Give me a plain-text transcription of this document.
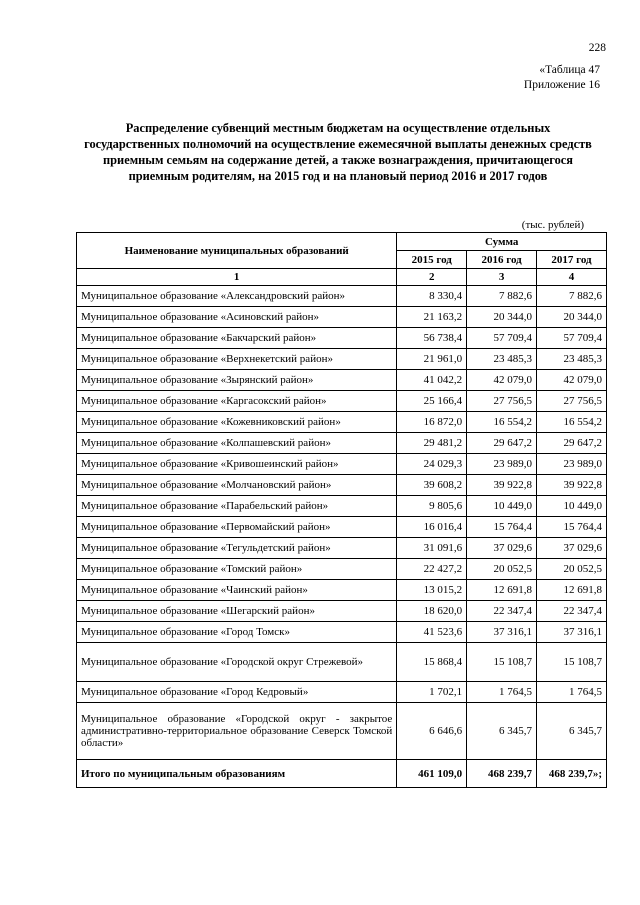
228
«Таблица 47
Приложение 16
Распределение субвенций местным бюджетам на осуществление отдельных государственных полномочий на осуществление ежемесячной выплаты денежных средств приемным семьям на содержание детей, а также вознаграждения, причитающегося приемным родителям, на 2015 год и на плановый период 2016 и 2017 годов
(тыс. рублей)
Наименование муниципальных образований	Сумма		
	2015 год	2016 год	2017 год
1	2	3	4
Муниципальное образование «Александровский район»	8 330,4	7 882,6	7 882,6
Муниципальное образование «Асиновский район»	21 163,2	20 344,0	20 344,0
Муниципальное образование «Бакчарский район»	56 738,4	57 709,4	57 709,4
Муниципальное образование «Верхнекетский район»	21 961,0	23 485,3	23 485,3
Муниципальное образование «Зырянский район»	41 042,2	42 079,0	42 079,0
Муниципальное образование «Каргасокский район»	25 166,4	27 756,5	27 756,5
Муниципальное образование «Кожевниковский район»	16 872,0	16 554,2	16 554,2
Муниципальное образование «Колпашевский район»	29 481,2	29 647,2	29 647,2
Муниципальное образование «Кривошеинский район»	24 029,3	23 989,0	23 989,0
Муниципальное образование «Молчановский район»	39 608,2	39 922,8	39 922,8
Муниципальное образование «Парабельский район»	9 805,6	10 449,0	10 449,0
Муниципальное образование «Первомайский район»	16 016,4	15 764,4	15 764,4
Муниципальное образование «Тегульдетский район»	31 091,6	37 029,6	37 029,6
Муниципальное образование «Томский район»	22 427,2	20 052,5	20 052,5
Муниципальное образование «Чаинский район»	13 015,2	12 691,8	12 691,8
Муниципальное образование «Шегарский район»	18 620,0	22 347,4	22 347,4
Муниципальное образование «Город Томск»	41 523,6	37 316,1	37 316,1
Муниципальное образование «Городской округ Стрежевой»	15 868,4	15 108,7	15 108,7
Муниципальное образование «Город Кедровый»	1 702,1	1 764,5	1 764,5
Муниципальное образование «Городской округ - закрытое административно-территориальное образование Северск Томской области»	6 646,6	6 345,7	6 345,7
Итого по муниципальным образованиям	461 109,0	468 239,7	468 239,7»;
